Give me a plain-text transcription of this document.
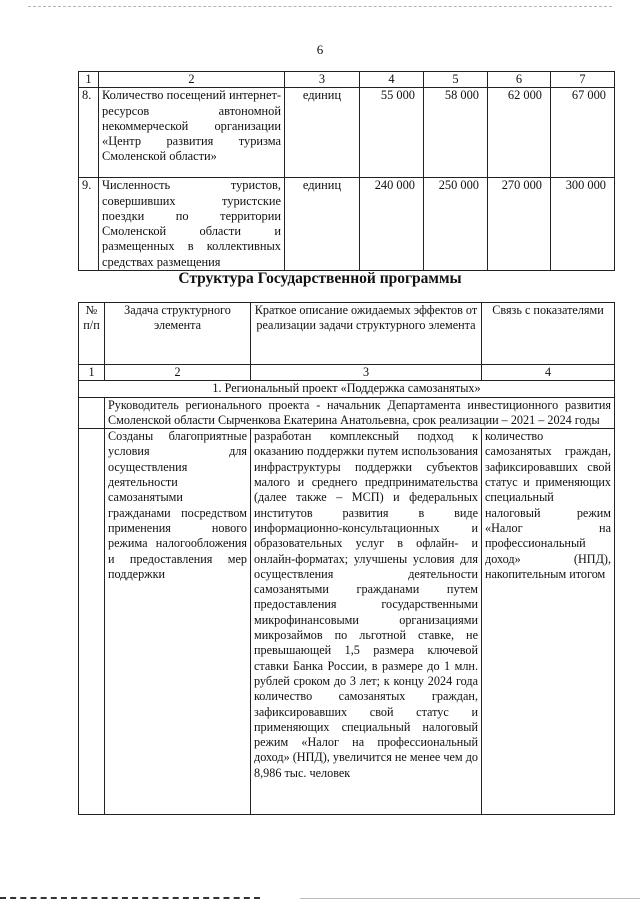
6
1	2	3	4	5	6	7
8.	Количество посещений интернет-ресурсов автономной некоммерческой организации «Центр развития туризма Смоленской области»	единиц	55 000	58 000	62 000	67 000
9.	Численность туристов, совершивших туристские поездки по территории Смоленской области и размещенных в коллективных средствах размещения	единиц	240 000	250 000	270 000	300 000
Структура Государственной программы
№ п/п	Задача структурного элемента	Краткое описание ожидаемых эффектов от реализации задачи структурного элемента	Связь с показателями
1	2	3	4
1. Региональный проект «Поддержка самозанятых»			
	Руководитель регионального проекта - начальник Департамента инвестиционного развития Смоленской области Сырченкова Екатерина Анатольевна, срок реализации – 2021 – 2024 годы		
	Созданы благоприятные условия для осуществления деятельности самозанятыми гражданами посредством применения нового режима налогообложения и предоставления мер поддержки	разработан комплексный подход к оказанию поддержки путем использования инфраструктуры поддержки субъектов малого и среднего предпринимательства (далее также – МСП) и федеральных институтов развития в виде информационно-консультационных и образовательных услуг в офлайн- и онлайн-форматах; улучшены условия для осуществления деятельности самозанятыми гражданами путем предоставления государственными микрофинансовыми организациями микрозаймов по льготной ставке, не превышающей 1,5 размера ключевой ставки Банка России, в размере до 1 млн. рублей сроком до 3 лет; к концу 2024 года количество самозанятых граждан, зафиксировавших свой статус и применяющих специальный налоговый режим «Налог на профессиональный доход» (НПД), увеличится не менее чем до 8,986 тыс. человек	количество самозанятых граждан, зафиксировавших свой статус и применяющих специальный налоговый режим «Налог на профессиональный доход» (НПД), накопительным итогом
